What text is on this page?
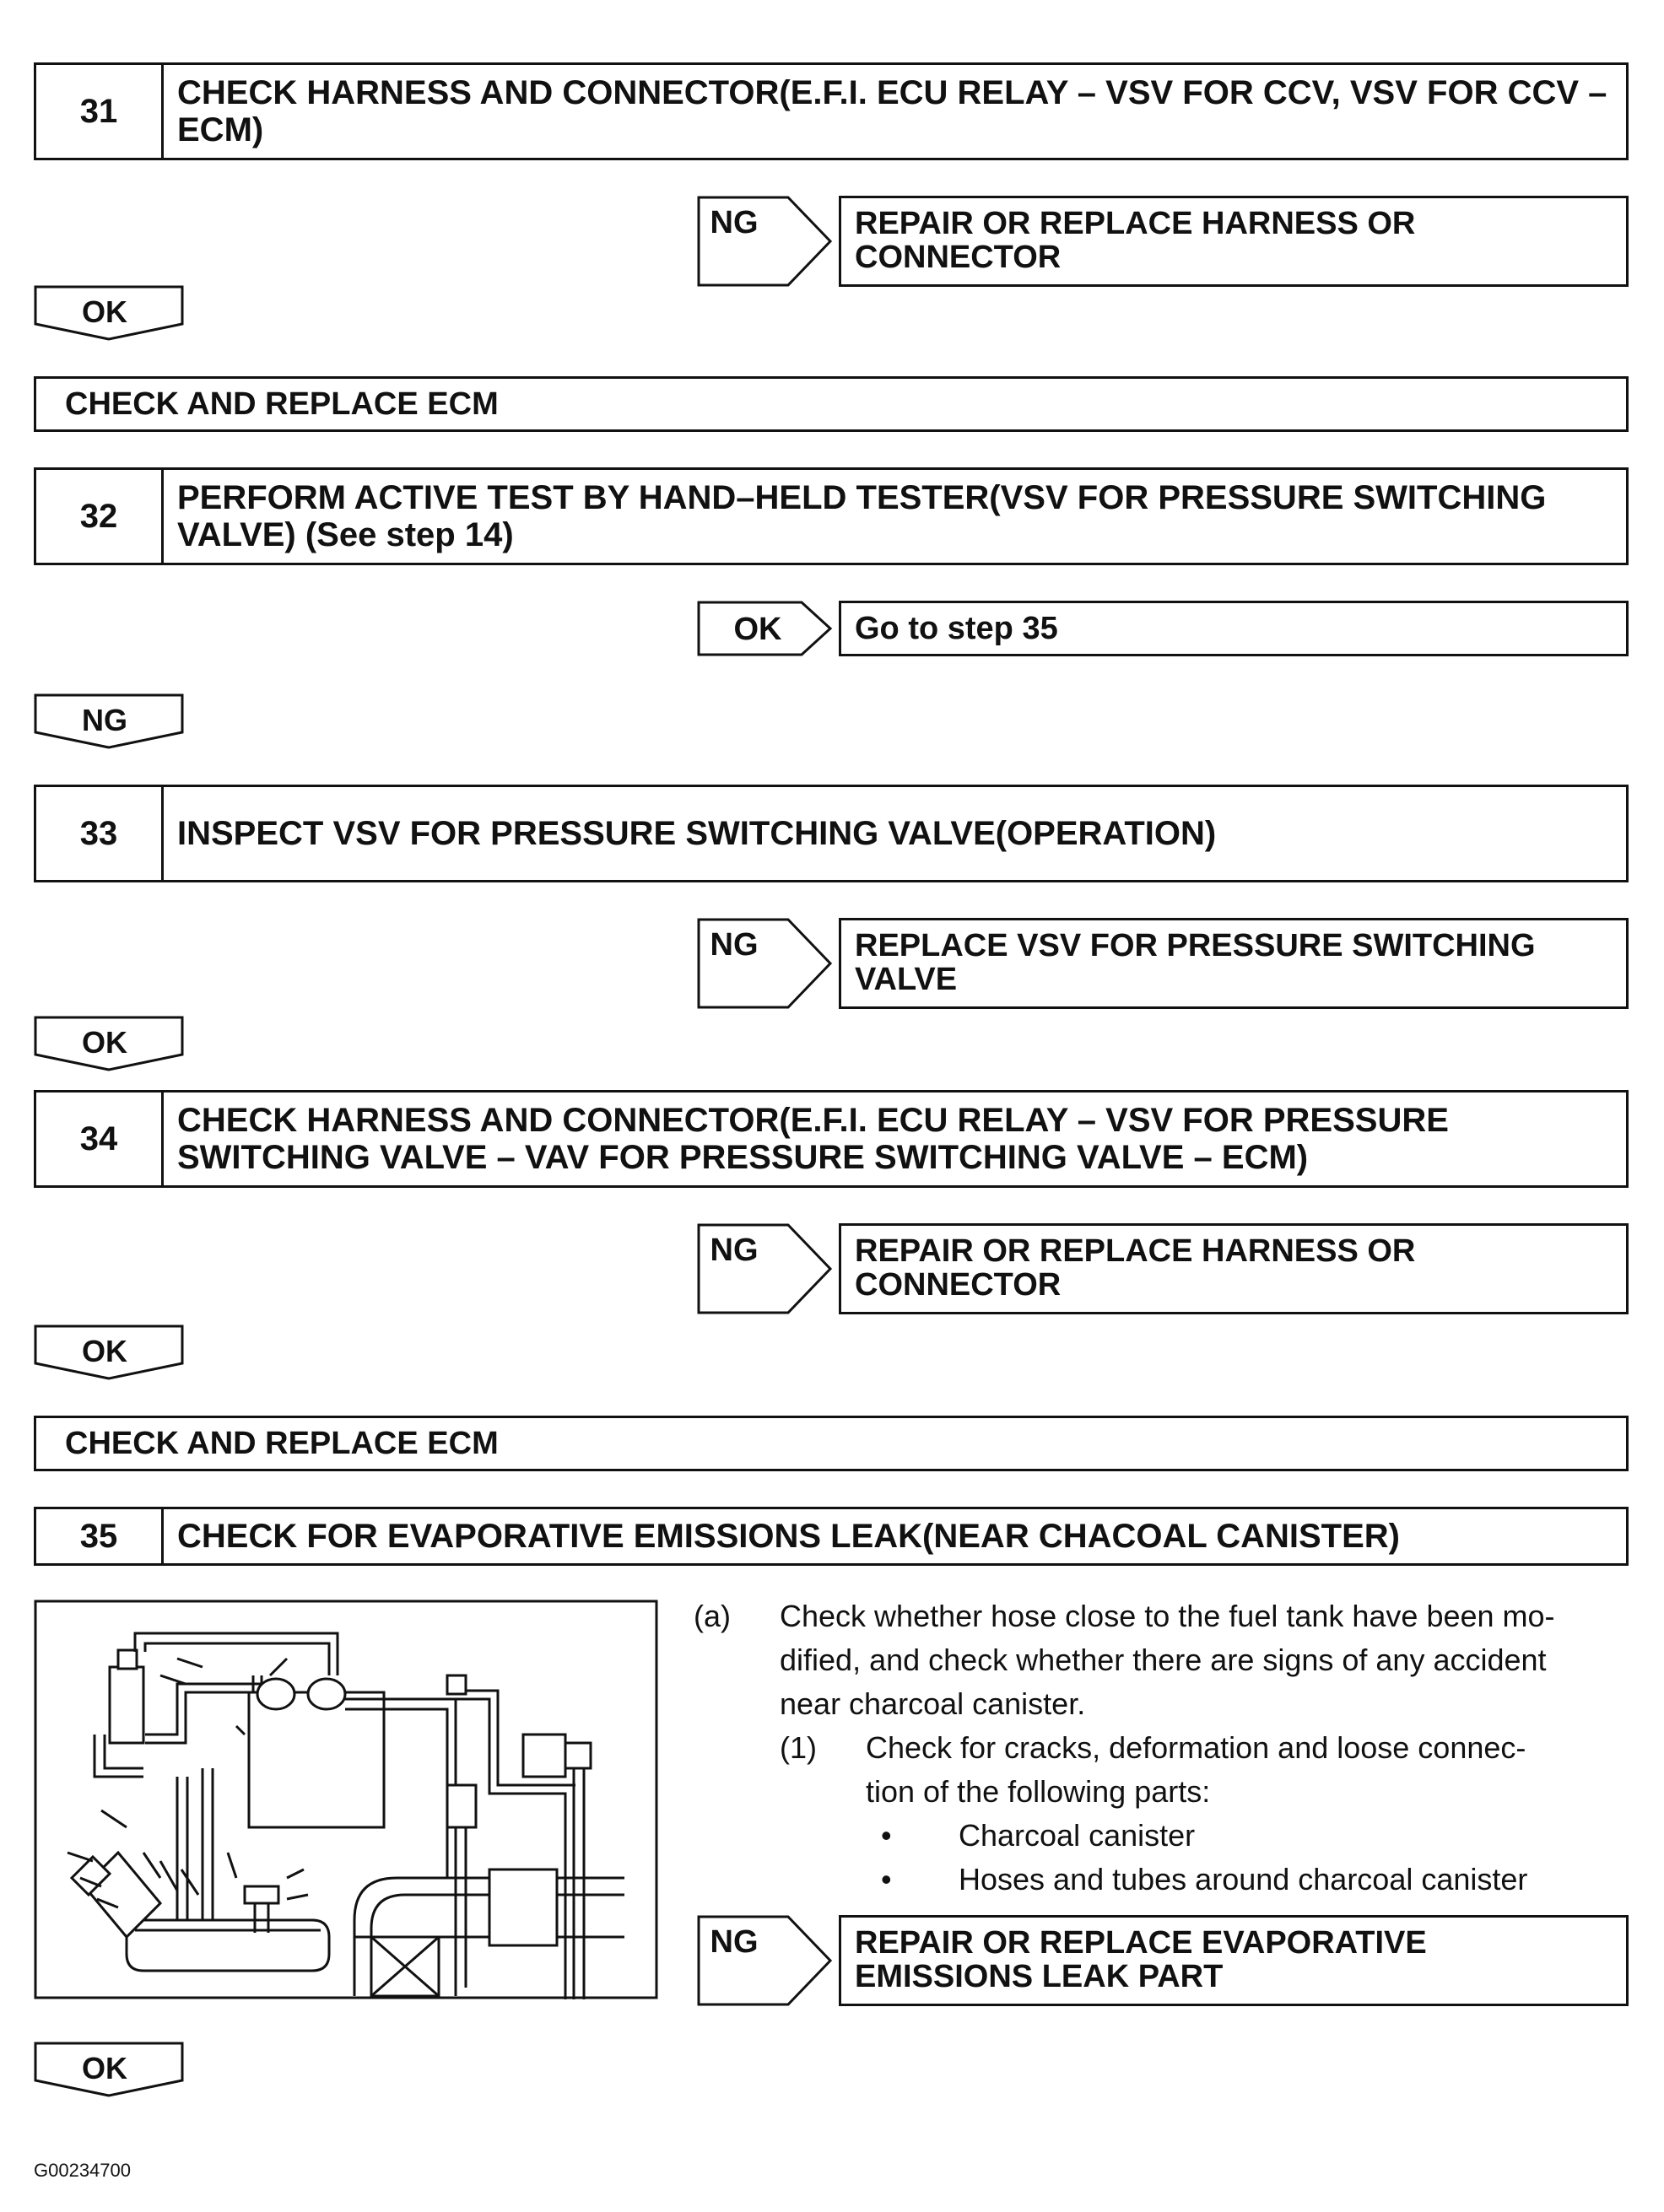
31	CHECK HARNESS AND CONNECTOR(E.F.I. ECU RELAY – VSV FOR CCV, VSV FOR CCV – ECM)
NG	REPAIR OR REPLACE HARNESS OR
CONNECTOR
OK
CHECK AND REPLACE ECM
32	PERFORM ACTIVE TEST BY HAND–HELD TESTER(VSV FOR PRESSURE SWITCHING VALVE) (See step 14)
OK Go to step 35
NG
33	INSPECT VSV FOR PRESSURE SWITCHING VALVE(OPERATION)
NG	REPLACE VSV FOR PRESSURE SWITCHING
VALVE
OK
34	CHECK HARNESS AND CONNECTOR(E.F.I. ECU RELAY – VSV FOR PRESSURE SWITCHING VALVE – VAV FOR PRESSURE SWITCHING VALVE – ECM)
NG	REPAIR OR REPLACE HARNESS OR
CONNECTOR
OK
CHECK AND REPLACE ECM
35	CHECK FOR EVAPORATIVE EMISSIONS LEAK(NEAR CHACOAL CANISTER)
(a) Check whether hose close to the fuel tank have been mo-
dified, and check whether there are signs of any accident
near charcoal canister.
(1) Check for cracks, deformation and loose connec-
tion of the following parts:
• Charcoal canister
• Hoses and tubes around charcoal canister
NG	REPAIR OR REPLACE EVAPORATIVE
EMISSIONS LEAK PART
OK
G00234700
